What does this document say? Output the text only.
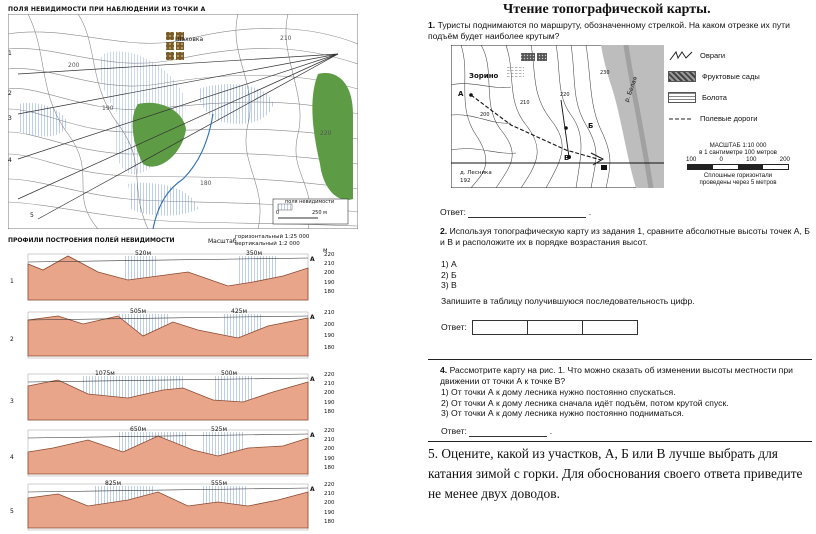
ПОЛЯ НЕВИДИМОСТИ ПРИ НАБЛЮДЕНИИ ИЗ ТОЧКИ А
Шаховка
1
2
3
4
5
поля невидимости
0	250 м
200
190
180
210
220
ПРОФИЛИ ПОСТРОЕНИЯ ПОЛЕЙ НЕВИДИМОСТИ	Масштаб
горизонтальный 1:25 000
вертикальный 1:2 000
м
1
A
520м	350м	220
210
200
190
180
2
A
505м	425м	210
200
190
180
3
A
1075м	500м	220
210
200
190
180
4
A
650м	525м	220
210
200
190
180
5
A
825м	555м	220
210
200
190
180
Чтение топографической карты.
1. Туристы поднимаются по маршруту, обозначенному стрелкой. На каком отрезке их пути подъём будет наиболее крутым?
Зорино	р. Белая
A
Б
B
д. Лесника
192
200
210
220
230
Овраги
Фруктовые сады
Болота
Полевые дороги
МАСШТАБ 1:10 000
в 1 сантиметре 100 метров
100	0	100	200
Сплошные горизонтали
проведены через 5 метров
Ответ:	.
2. Используя топографическую карту из задания 1, сравните абсолютные высоты точек А, Б и В и расположите их в порядке возрастания высот.
1) А
2) Б
3) В
Запишите в таблицу получившуюся последовательность цифр.
Ответ:
4. Рассмотрите карту на рис. 1. Что можно сказать об изменении высоты местности при движении от точки А к точке В?
1) От точки А к дому лесника нужно постоянно спускаться.
2) От точки А к дому лесника сначала идёт подъём, потом крутой спуск.
3) От точки А к дому лесника нужно постоянно подниматься.
Ответ:	.
5. Оцените, какой из участков, А, Б или В лучше выбрать для катания зимой с горки. Для обоснования своего ответа приведите не менее двух доводов.
